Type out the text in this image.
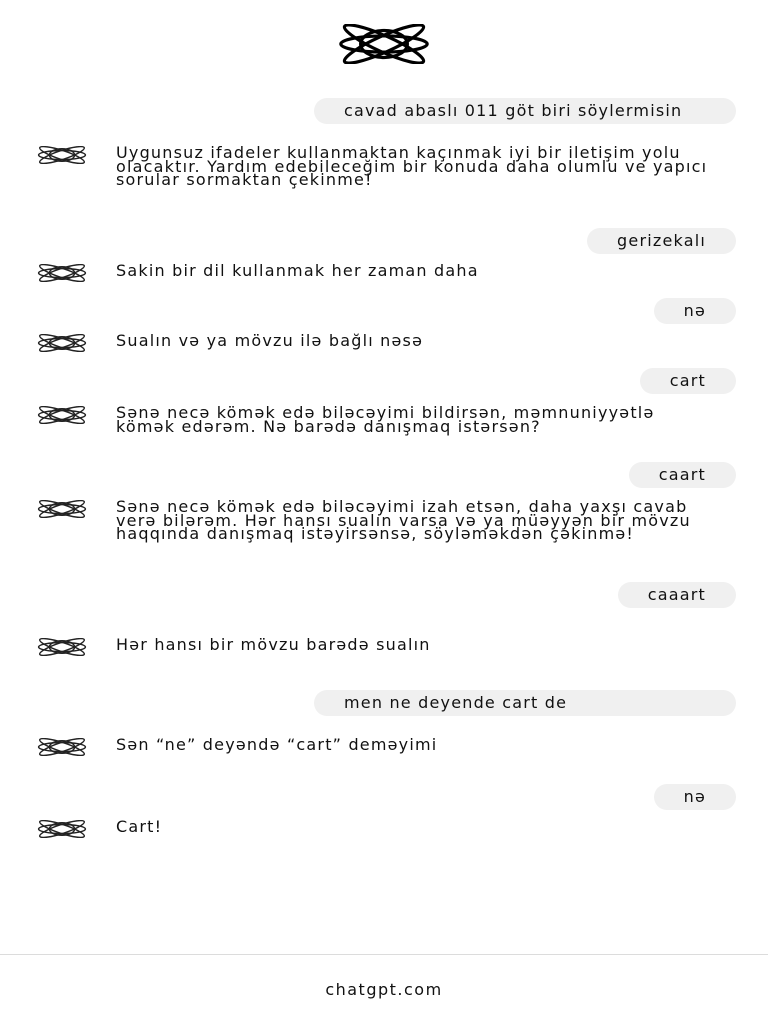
cavad abaslı 011 göt biri söylermisin
Uygunsuz ifadeler kullanmaktan kaçınmak iyi bir iletişim yolu olacaktır. Yardım edebileceğim bir konuda daha olumlu ve yapıcı sorular sormaktan çekinme!
gerizekalı
Sakin bir dil kullanmak her zaman daha
nə
Sualın və ya mövzu ilə bağlı nəsə
cart
Sənə necə kömək edə biləcəyimi bildirsən, məmnuniyyətlə kömək edərəm. Nə barədə danışmaq istərsən?
caart
Sənə necə kömək edə biləcəyimi izah etsən, daha yaxşı cavab verə bilərəm. Hər hansı sualın varsa və ya müəyyən bir mövzu haqqında danışmaq istəyirsənsə, söyləməkdən çəkinmə!
caaart
Hər hansı bir mövzu barədə sualın
men ne deyende cart de
Sən “ne” deyəndə “cart” deməyimi
nə
Cart!
chatgpt.com
